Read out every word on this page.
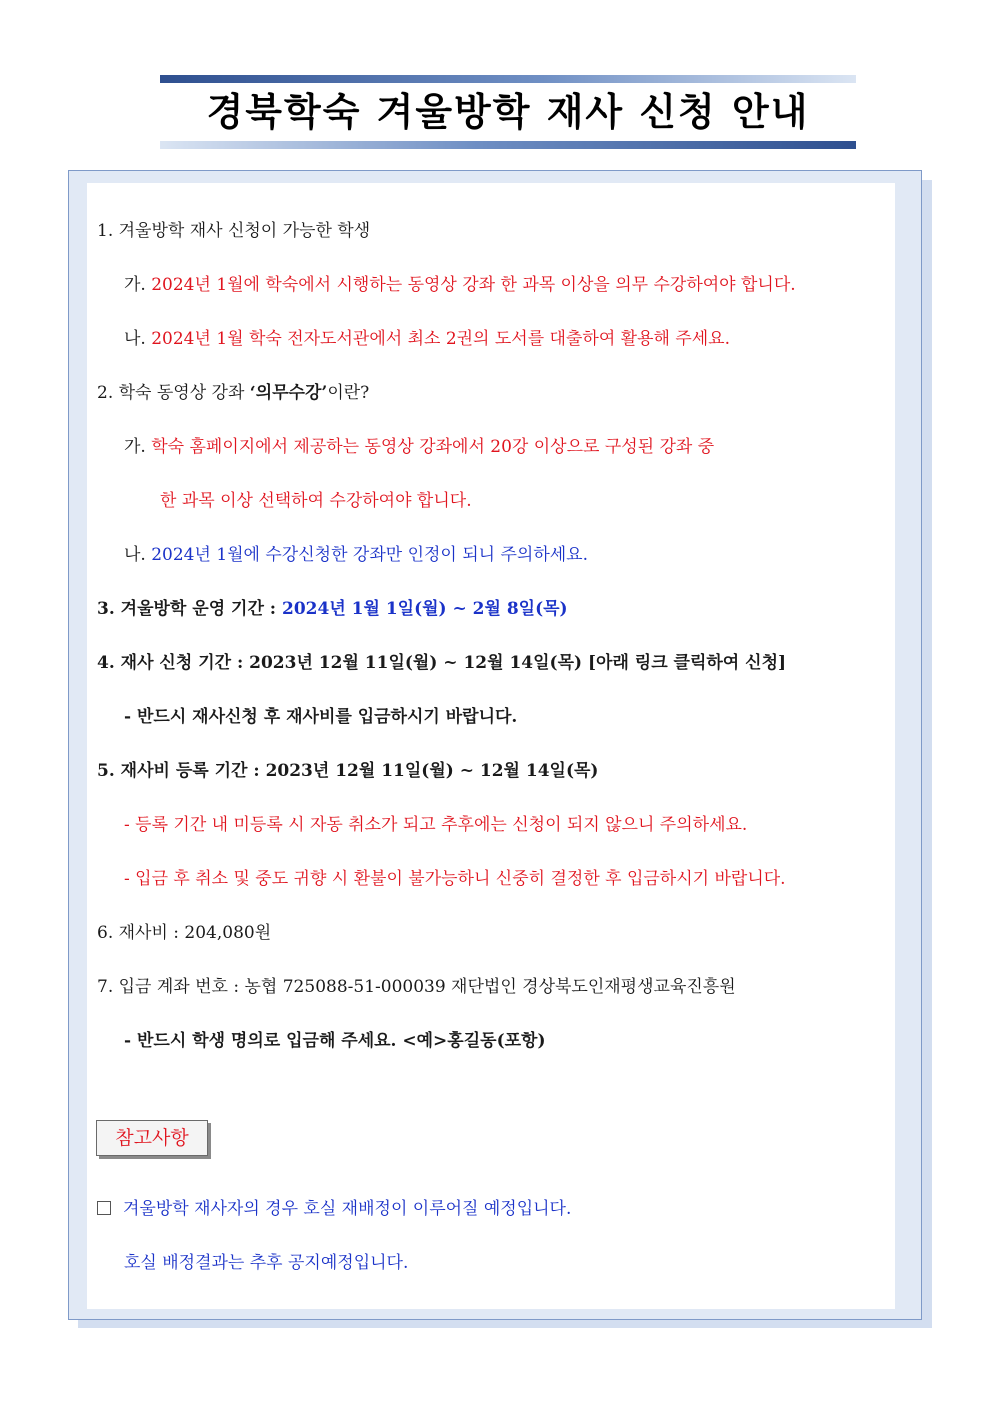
경북학숙 겨울방학 재사 신청 안내
1. 겨울방학 재사 신청이 가능한 학생
가. 2024년 1월에 학숙에서 시행하는 동영상 강좌 한 과목 이상을 의무 수강하여야 합니다.
나. 2024년 1월 학숙 전자도서관에서 최소 2권의 도서를 대출하여 활용해 주세요.
2. 학숙 동영상 강좌 ‘의무수강’이란?
가. 학숙 홈페이지에서 제공하는 동영상 강좌에서 20강 이상으로 구성된 강좌 중
한 과목 이상 선택하여 수강하여야 합니다.
나. 2024년 1월에 수강신청한 강좌만 인정이 되니 주의하세요.
3. 겨울방학 운영 기간 : 2024년 1월 1일(월) ~ 2월 8일(목)
4. 재사 신청 기간 : 2023년 12월 11일(월) ~ 12월 14일(목) [아래 링크 클릭하여 신청]
- 반드시 재사신청 후 재사비를 입금하시기 바랍니다.
5. 재사비 등록 기간 : 2023년 12월 11일(월) ~ 12월 14일(목)
- 등록 기간 내 미등록 시 자동 취소가 되고 추후에는 신청이 되지 않으니 주의하세요.
- 입금 후 취소 및 중도 귀향 시 환불이 불가능하니 신중히 결정한 후 입금하시기 바랍니다.
6. 재사비 : 204,080원
7. 입금 계좌 번호 : 농협 725088-51-000039 재단법인 경상북도인재평생교육진흥원
- 반드시 학생 명의로 입금해 주세요. <예>홍길동(포항)
참고사항
겨울방학 재사자의 경우 호실 재배정이 이루어질 예정입니다.
호실 배정결과는 추후 공지예정입니다.
